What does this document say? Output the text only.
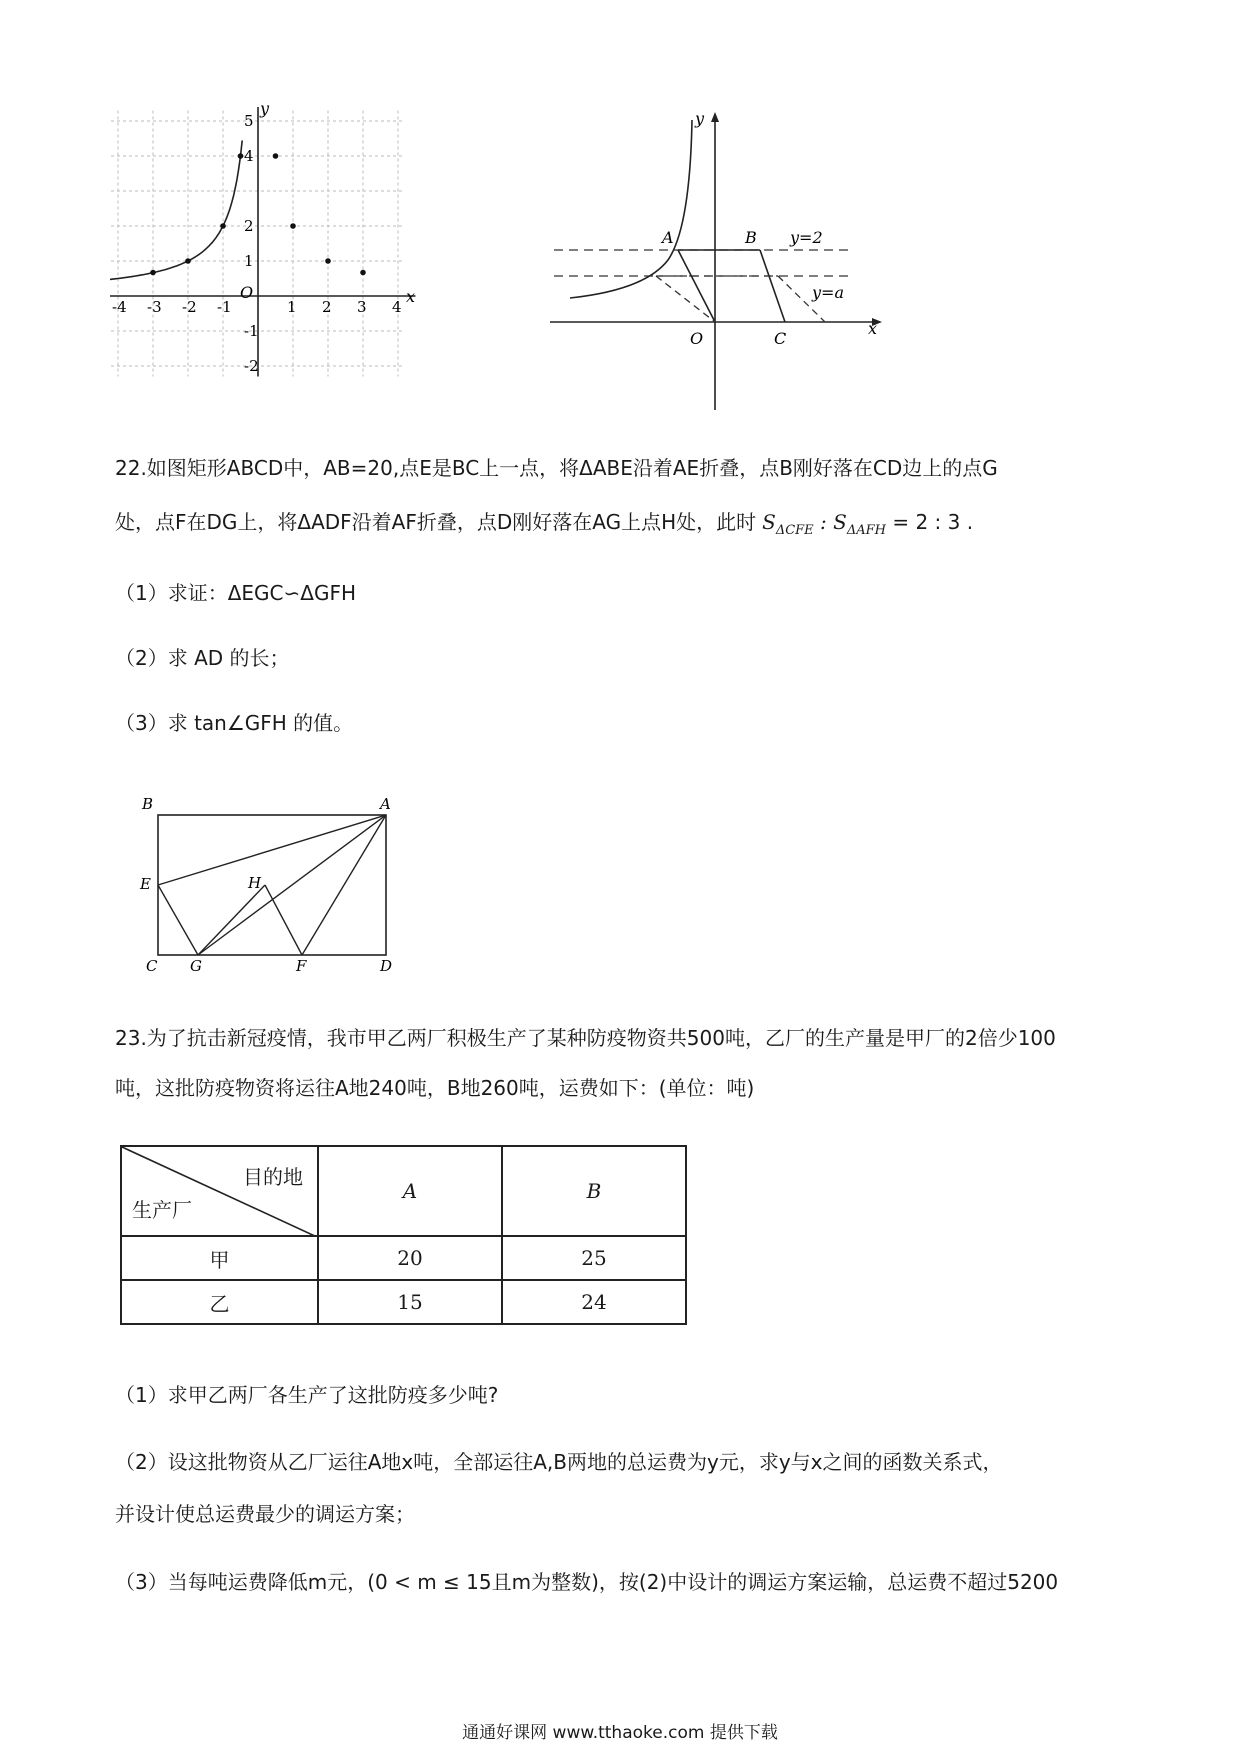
-4 -3 -2 -1	1 2 3 4
5
4
2
1
-1
-2
x
y
O
y
A	B y=2
y=a
O	C
x
22.如图矩形ABCD中，AB=20,点E是BC上一点，将ΔABE沿着AE折叠，点B刚好落在CD边上的点G
处，点F在DG上，将ΔADF沿着AF折叠，点D刚好落在AG上点H处，此时 $S_{\Delta CFE}$ : $S_{\Delta AFH} = 2$ : 3 .
（1）求证：ΔEGC∽ΔGFH
（2）求 AD 的长；
（3）求 tan∠GFH 的值。
B	A
E	H
C G	F	D
23.为了抗击新冠疫情，我市甲乙两厂积极生产了某种防疫物资共500吨，乙厂的生产量是甲厂的2倍少100
吨，这批防疫物资将运往A地240吨，B地260吨，运费如下：(单位：吨)
目的地
生产厂	A	B
甲	20	25
乙	15	24
（1）求甲乙两厂各生产了这批防疫多少吨?
（2）设这批物资从乙厂运往A地x吨，全部运往A,B两地的总运费为y元，求y与x之间的函数关系式，
并设计使总运费最少的调运方案；
（3）当每吨运费降低m元，(0 < m ≤ 15且m为整数)，按(2)中设计的调运方案运输，总运费不超过5200
通通好课网 www.tthaoke.com 提供下载
